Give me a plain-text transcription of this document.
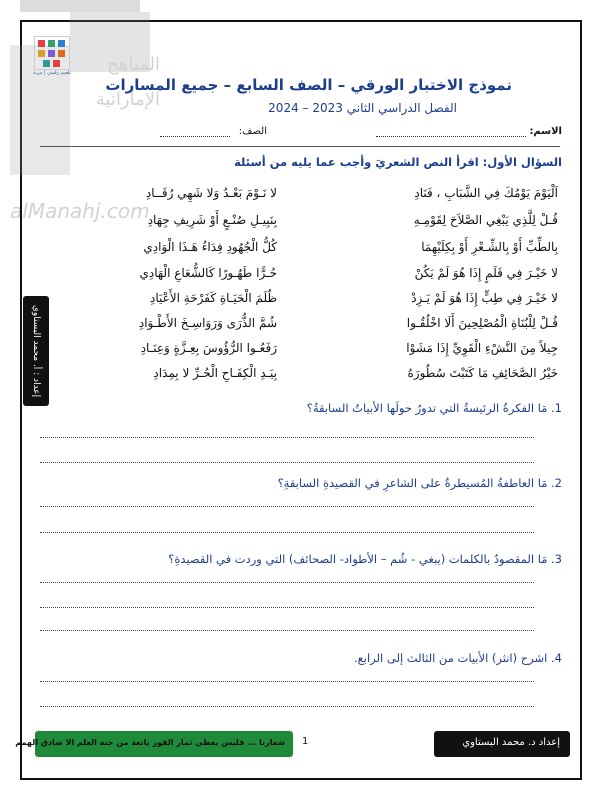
المناهج
الإماراتية
alManahj.com
تلعيم رقمي | مرنة
نموذج الاختبار الورقي – الصف السابع – جميع المسارات
الفصل الدراسي الثاني 2023 – 2024
الاسم:
الصف:
السؤال الأول: اقرأ النص الشعريَ وأجب عما يليه من أسئلة
اَلْيَوْمَ يَوْمُكَ فِي الشَّبَابِ ، فَنَادِ
لا نَـوْمَ بَعْـدُ وَلا شَهِي رُقَــادِ
قُـلْ لِلَّذِي يَبْغِي الصَّلاَحَ لِقَوْمِـهِ
بِنَبِيـلِ صُنْـعٍ أَوْ شَرِيفِ جِهَادِ
بِالطِّبِّ أَوْ بِالشِّـعْرِ أَوْ بِكِلَيْهِمَا
كُلُّ الْجُهُودِ فِدَاءُ هَـذَا الْوَادِي
لا خَيْـرَ فِي قَلَمٍ إِذَا هُوَ لَمْ يَكُنْ
حُـرًّا طَهُـورًا كَالشُّعَاعِ الْهَادِي
لا خَيْـرَ فِي طِبٍّ إِذَا هُوَ لَمْ يَـزِدْ
ظُلَمَ الْحَيَـاةِ كَفَرْحَةِ الأَعْيَادِ
قُـلْ لِلْبُنَاةِ الْمُصْلِحِينَ أَلَا اخْلُقُـوا
شُمَّ الذُّرَى وَرَوَاسِـخَ الأَطْـوَادِ
جِيلاً مِنَ النَّشْءِ الْقَوِيِّ إِذَا مَشَوْا
رَفَعُـوا الرُّؤُوسَ بِعِـزَّةٍ وَعِنَـادِ
خَيْرُ الصَّحَائِفِ مَا كَتَبْتَ سُطُورَهُ
بِيَـدِ الْكِفَـاحِ الْحُـرِّ لا بِمِدَادِ
1. مَا الفكرةُ الرئيسةُ التي تدورُ حولَها الأبياتُ السابقةُ؟
2. مَا العاطفةُ المُسيطرةُ على الشاعرِ في القصيدةِ السابقةِ؟
3. مَا المقصودُ بالكلمات (يبغي - شُم – الأطواد- الصحائف) التي وردت في القصيدةِ؟
4. اشرح (انثر) الأبيات من الثالث إلى الرابع.
إعداد : أ. محمد البستاوي
1
شعارنا ... فليس يعطي ثمار الفوز يانعة من جنة العلم الا صادق الهمم	إعداد د. محمد البستاوي
